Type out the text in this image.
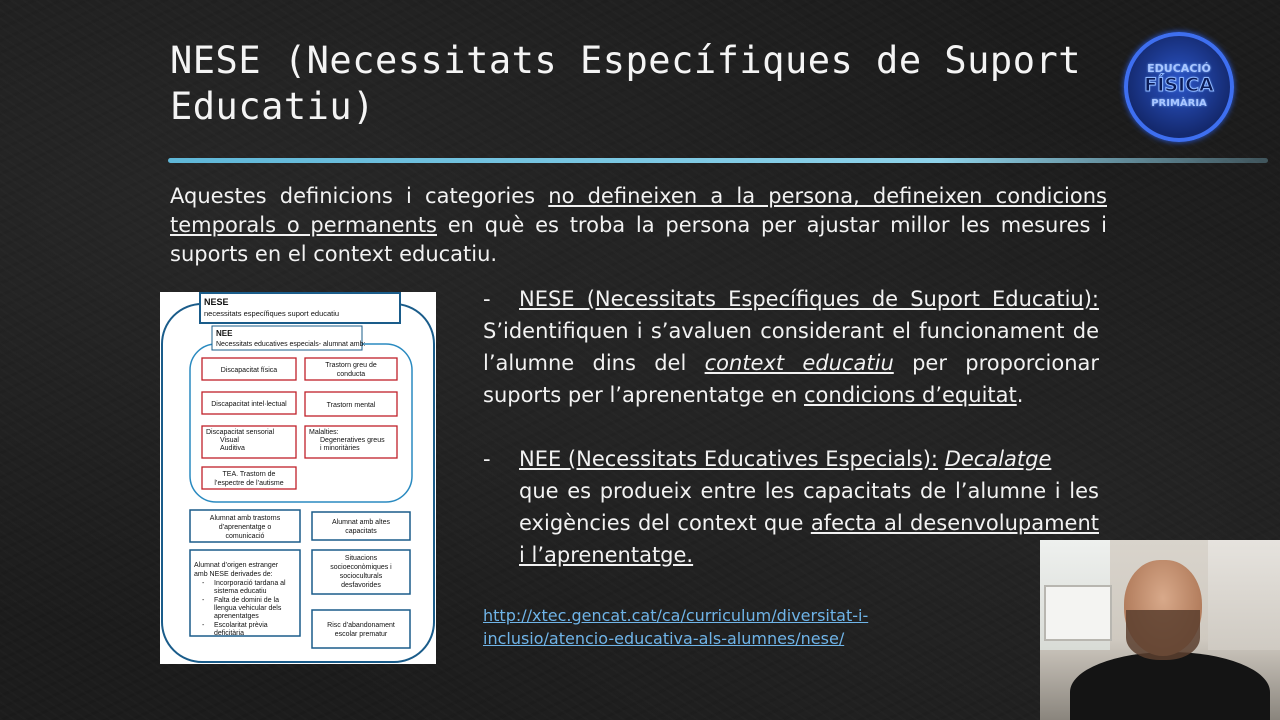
NESE (Necessitats Específiques de Suport Educatiu)
EDUCACIÓ
FÍSICA
PRIMÀRIA
Aquestes definicions i categories no defineixen a la persona, defineixen condicions temporals o permanents en què es troba la persona per ajustar millor les mesures i suports en el context educatiu.
NESE
necessitats específiques suport educatiu
NEE
Necessitats educatives especials- alumnat amb:
Discapacitat física
Trastorn greu de
conducta
Discapacitat intel·lectual	Trastorn mental
Discapacitat sensorial
Visual
Auditiva
Malalties:
Degeneratives greus
i minoritàries
TEA. Trastorn de
l’espectre de l’autisme
Alumnat amb trastorns
d’aprenentatge o
comunicació
Alumnat amb altes
capacitats
Alumnat d’origen estranger
amb NESE derivades de:
- Incorporació tardana al
sistema educatiu
- Falta de domini de la
llengua vehicular dels
aprenentatges
- Escolaritat prèvia
deficitària
Situacions
socioeconòmiques i
socioculturals
desfavorides
Risc d’abandonament
escolar prematur
- NESE (Necessitats Específiques de Suport Educatiu): S’identifiquen i s’avaluen considerant el funcionament de l’alumne dins del context educatiu per proporcionar suports per l’aprenentatge en condicions d’equitat.
- NEE (Necessitats Educatives Especials): Decalatge
que es produeix entre les capacitats de l’alumne i les exigències del context que afecta al desenvolupament i l’aprenentatge.
http://xtec.gencat.cat/ca/curriculum/diversitat-i-inclusio/atencio-educativa-als-alumnes/nese/
